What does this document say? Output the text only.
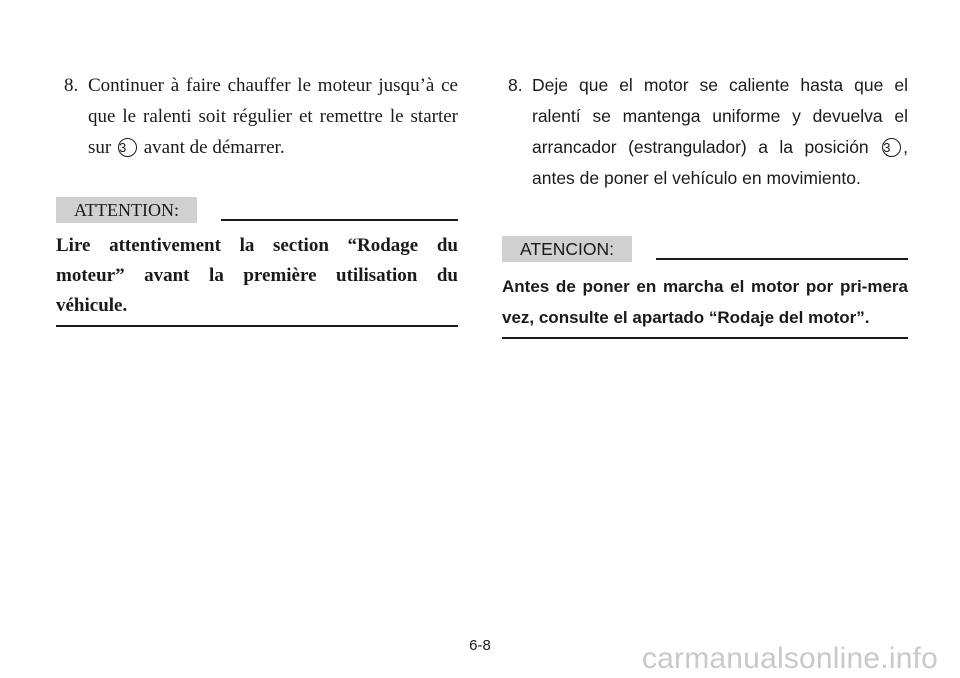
8. Continuer à faire chauffer le moteur jusqu’à ce que le ralenti soit régulier et remettre le starter sur 3 avant de démarrer.
ATTENTION:
Lire attentivement la section “Rodage du moteur” avant la première utilisation du véhicule.
8. Deje que el motor se caliente hasta que el ralentí se mantenga uniforme y devuelva el arrancador (estrangulador) a la posición 3 , antes de poner el vehículo en movimiento.
ATENCION:
Antes de poner en marcha el motor por pri-mera vez, consulte el apartado “Rodaje del motor”.
6-8	carmanualsonline.info
